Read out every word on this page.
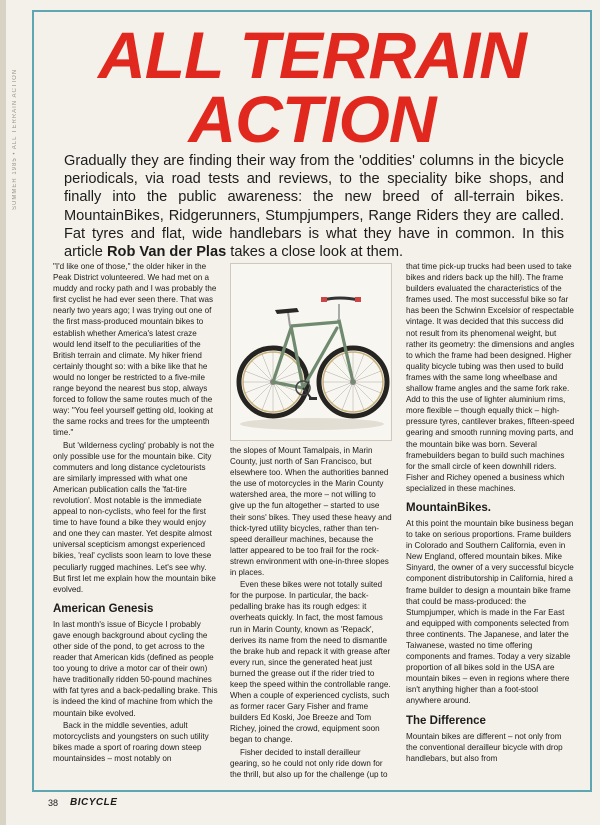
SUMMER 1985 • ALL TERRAIN ACTION
ALL TERRAIN
ACTION
Gradually they are finding their way from the 'oddities' columns in the bicycle periodicals, via road tests and reviews, to the speciality bike shops, and finally into the public awareness: the new breed of all-terrain bikes. MountainBikes, Ridgerunners, Stumpjumpers, Range Riders they are called. Fat tyres and flat, wide handlebars is what they have in common. In this article Rob Van der Plas takes a close look at them.

"I'd like one of those," the older hiker in the Peak District volunteered. We had met on a muddy and rocky path and I was probably the first cyclist he had ever seen there. That was nearly two years ago; I was trying out one of the first mass-produced mountain bikes to establish whether America's latest craze would lend itself to the peculiarities of the British terrain and climate. My hiker friend certainly thought so: with a bike like that he would no longer be restricted to a five-mile range beyond the nearest bus stop, always forced to follow the same routes much of the way: "You feel yourself getting old, looking at the same rocks and trees for the umpteenth time."

But 'wilderness cycling' probably is not the only possible use for the mountain bike. City commuters and long distance cycletourists are similarly impressed with what one American publication calls the 'fat-tire revolution'. Most notable is the immediate appeal to non-cyclists, who feel for the first time to have found a bike they would enjoy and one they can master. Yet despite almost universal scepticism amongst experienced bikies, 'real' cyclists soon learn to love these peculiarly rugged machines. Let's see why. But first let me explain how the mountain bike evolved.

American Genesis

In last month's issue of Bicycle I probably gave enough background about cycling the other side of the pond, to get across to the reader that American kids (defined as people too young to drive a motor car of their own) have traditionally ridden 50-pound machines with fat tyres and a back-pedalling brake. This is indeed the kind of machine from which the mountain bike evolved.

Back in the middle seventies, adult motorcyclists and youngsters on such utility bikes made a sport of roaring down steep mountainsides – most notably on

the slopes of Mount Tamalpais, in Marin County, just north of San Francisco, but elsewhere too. When the authorities banned the use of motorcycles in the Marin County watershed area, the more – not willing to give up the fun altogether – started to use their sons' bikes. They used these heavy and thick-tyred utility bicycles, rather than ten-speed derailleur machines, because the latter appeared to be too frail for the rock-strewn environment with one-in-three slopes in places.

Even these bikes were not totally suited for the purpose. In particular, the back-pedalling brake has its rough edges: it overheats quickly. In fact, the most famous run in Marin County, known as 'Repack', derives its name from the need to dismantle the brake hub and repack it with grease after every run, since the generated heat just burned the grease out if the rider tried to keep the speed within the controllable range. When a couple of experienced cyclists, such as former racer Gary Fisher and frame builders Ed Koski, Joe Breeze and Tom Richey, joined the crowd, equipment soon began to change.

Fisher decided to install derailleur gearing, so he could not only ride down for the thrill, but also up for the challenge (up to

that time pick-up trucks had been used to take bikes and riders back up the hill). The frame builders evaluated the characteristics of the frames used. The most successful bike so far has been the Schwinn Excelsior of respectable vintage. It was decided that this success did not result from its phenomenal weight, but rather its geometry: the dimensions and angles to which the frame had been designed. Higher quality bicycle tubing was then used to build frames with the same long wheelbase and shallow frame angles and the same fork rake. Add to this the use of lighter aluminium rims, more flexible – though equally thick – high-pressure tyres, cantilever brakes, fifteen-speed gearing and smooth running moving parts, and the mountain bike was born. Several framebuilders began to build such machines for the small circle of keen downhill riders. Fisher and Richey opened a business which specialized in these machines.

MountainBikes.

At this point the mountain bike business began to take on serious proportions. Frame builders in Colorado and Southern California, even in New England, offered mountain bikes. Mike Sinyard, the owner of a very successful bicycle component distributorship in California, hired a frame builder to design a mountain bike frame that could be mass-produced: the Stumpjumper, which is made in the Far East and equipped with components selected from three continents. The Japanese, and later the Taiwanese, wasted no time offering components and frames. Today a very sizable proportion of all bikes sold in the USA are mountain bikes – even in regions where there isn't anything higher than a foot-stool anywhere around.

The Difference

Mountain bikes are different – not only from the conventional derailleur bicycle with drop handlebars, but also from

38 BICYCLE
